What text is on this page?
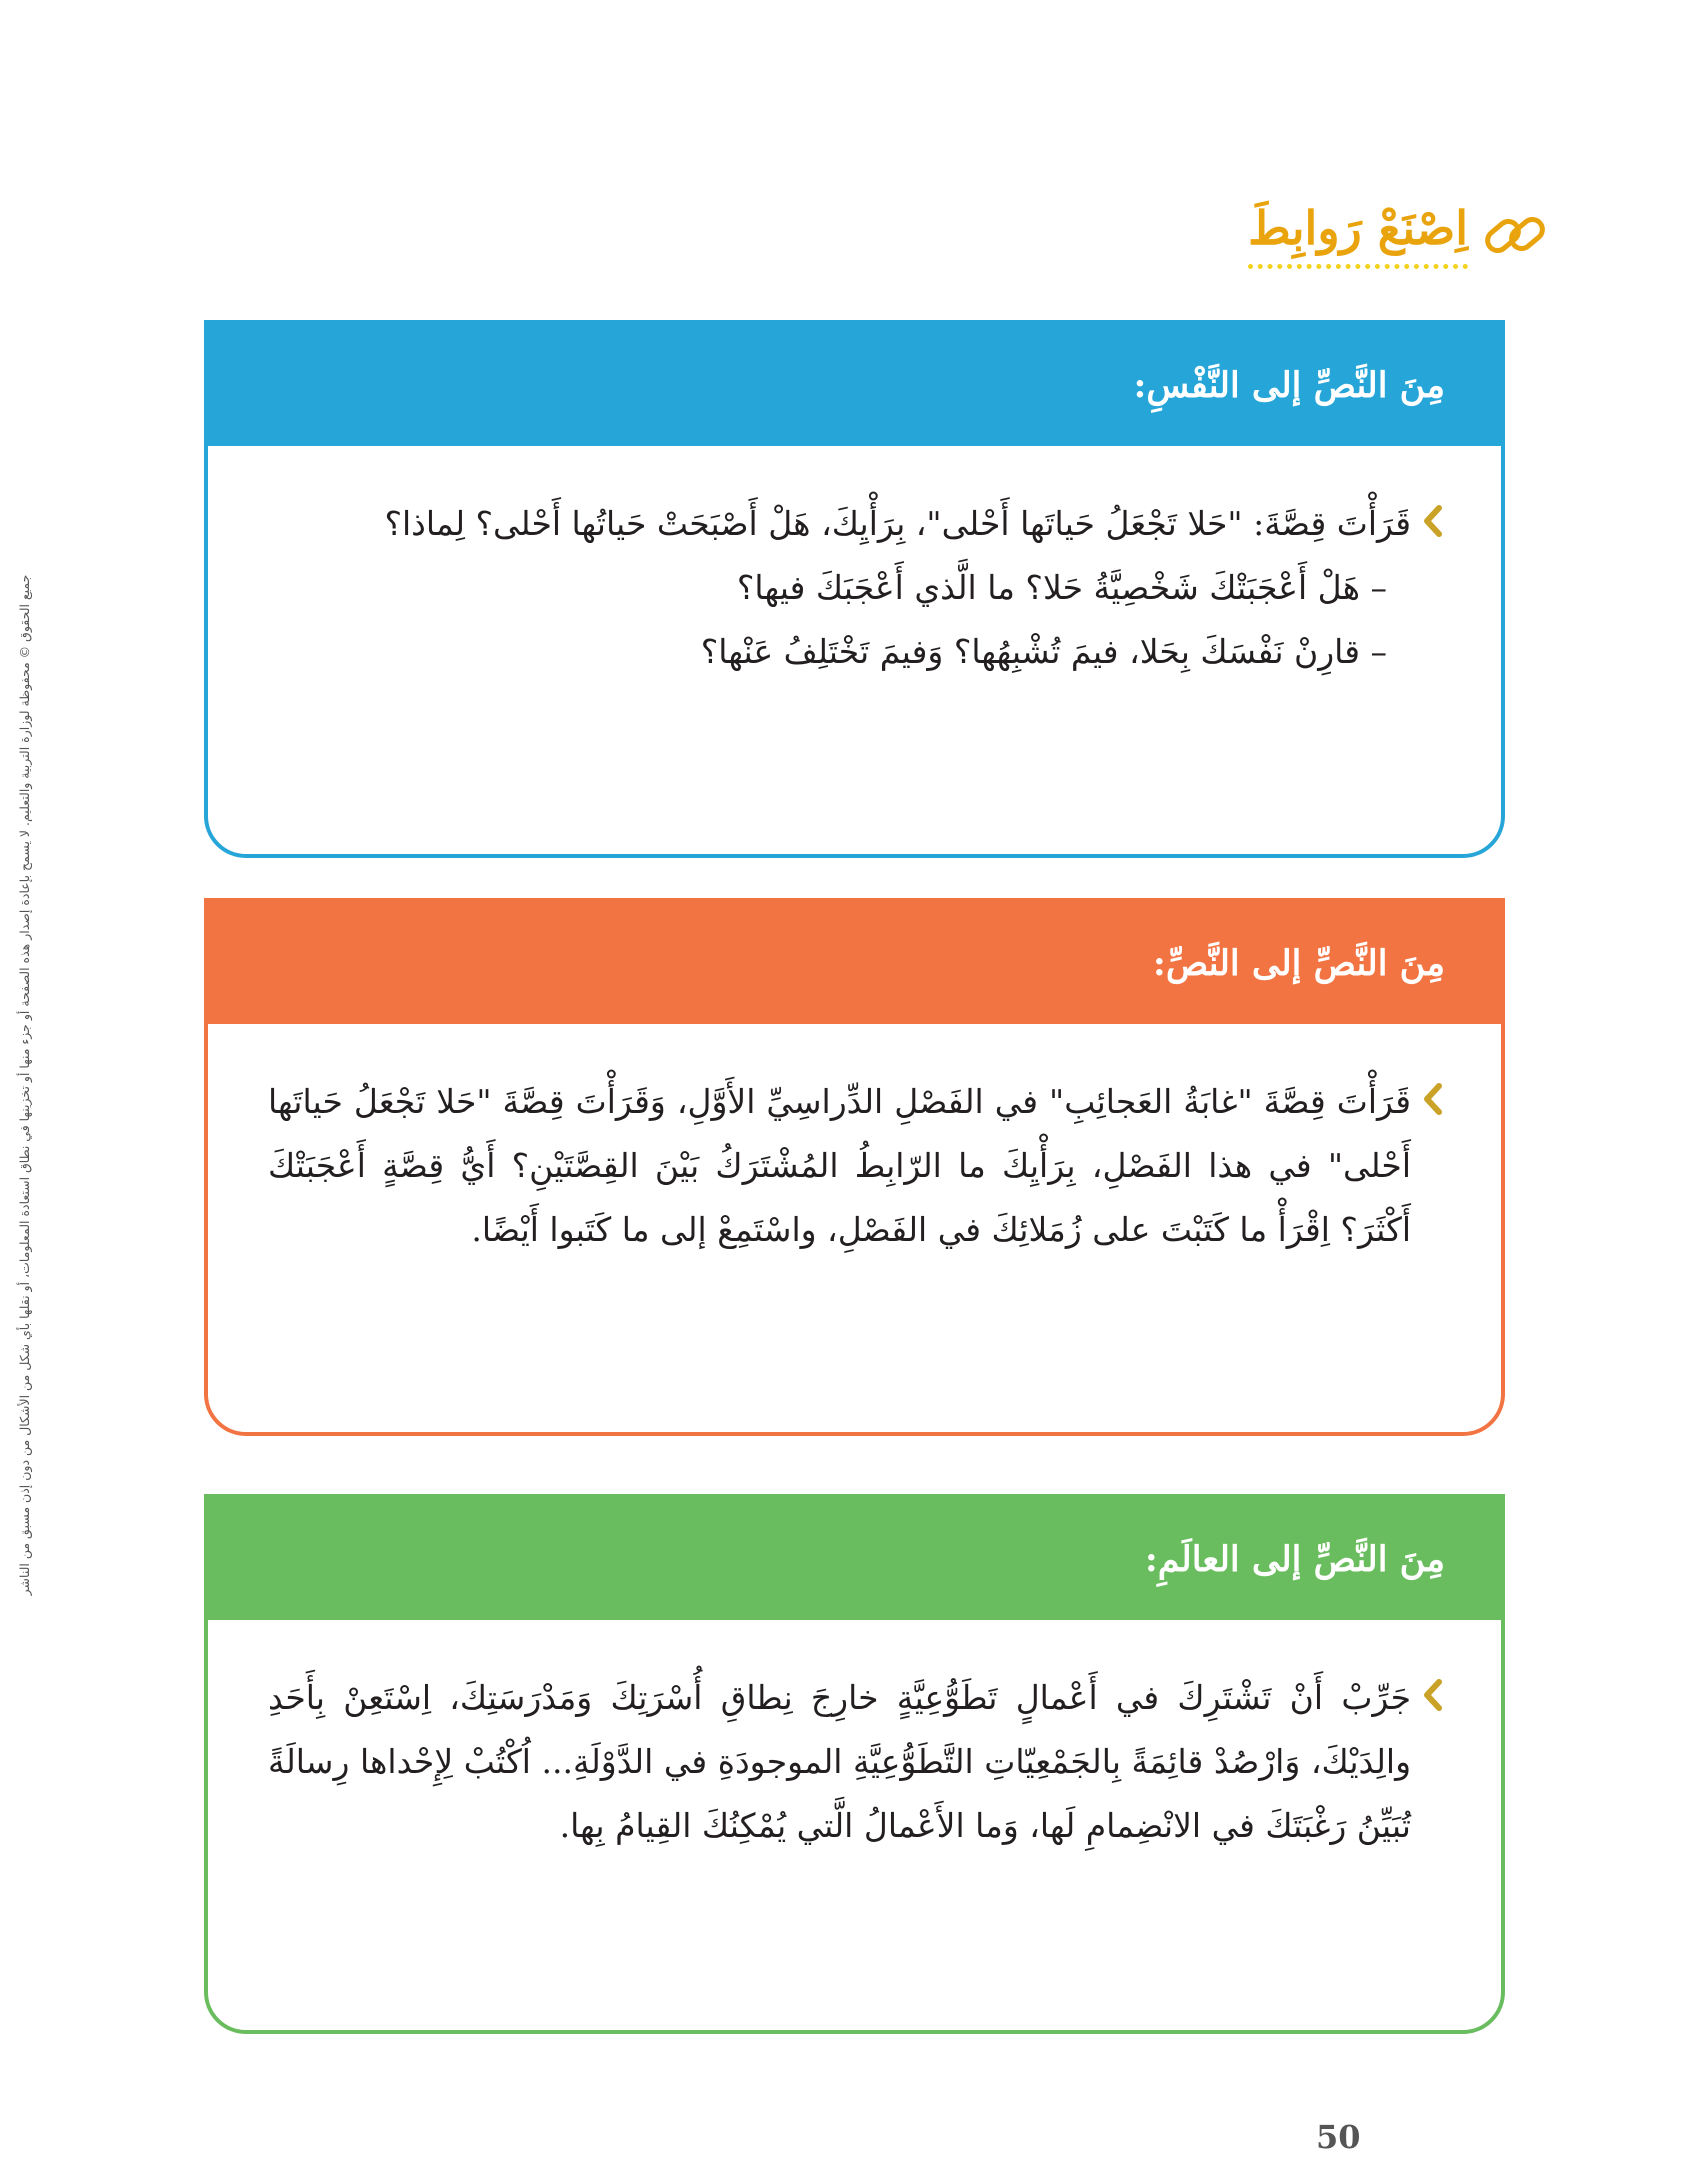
جميع الحقوق © محفوظة لوزارة التربية والتعليم. لا يسمح بإعادة إصدار هذه الصفحة أو جزء منها أو تخزينها في نطاق استعادة المعلومات، أو نقلها بأي شكل من الأشكال من دون إذن مسبق من الناشر
اِصْنَعْ رَوابِطَ
مِنَ النَّصِّ إلى النَّفْسِ:
قَرَأْتَ قِصَّةَ: "حَلا تَجْعَلُ حَياتَها أَحْلى"، بِرَأْيِكَ، هَلْ أَصْبَحَتْ حَياتُها أَحْلى؟ لِماذا؟
– هَلْ أَعْجَبَتْكَ شَخْصِيَّةُ حَلا؟ ما الَّذي أَعْجَبَكَ فيها؟
– قارِنْ نَفْسَكَ بِحَلا، فيمَ تُشْبِهُها؟ وَفيمَ تَخْتَلِفُ عَنْها؟
مِنَ النَّصِّ إلى النَّصِّ:
قَرَأْتَ قِصَّةَ "غابَةُ العَجائِبِ" في الفَصْلِ الدِّراسِيِّ الأَوَّلِ، وَقَرَأْتَ قِصَّةَ "حَلا تَجْعَلُ حَياتَها أَحْلى" في هذا الفَصْلِ، بِرَأْيِكَ ما الرّابِطُ المُشْتَرَكُ بَيْنَ القِصَّتَيْنِ؟ أَيُّ قِصَّةٍ أَعْجَبَتْكَ أَكْثَرَ؟ اِقْرَأْ ما كَتَبْتَ على زُمَلائِكَ في الفَصْلِ، واسْتَمِعْ إلى ما كَتَبوا أَيْضًا.
مِنَ النَّصِّ إلى العالَمِ:
جَرِّبْ أَنْ تَشْتَرِكَ في أَعْمالٍ تَطَوُّعِيَّةٍ خارِجَ نِطاقِ أُسْرَتِكَ وَمَدْرَسَتِكَ، اِسْتَعِنْ بِأَحَدِ والِدَيْكَ، وَارْصُدْ قائِمَةً بِالجَمْعِيّاتِ التَّطَوُّعِيَّةِ الموجودَةِ في الدَّوْلَةِ... اُكْتُبْ لِإِحْداها رِسالَةً تُبَيِّنُ رَغْبَتَكَ في الانْضِمامِ لَها، وَما الأَعْمالُ الَّتي يُمْكِنُكَ القِيامُ بِها.
50
